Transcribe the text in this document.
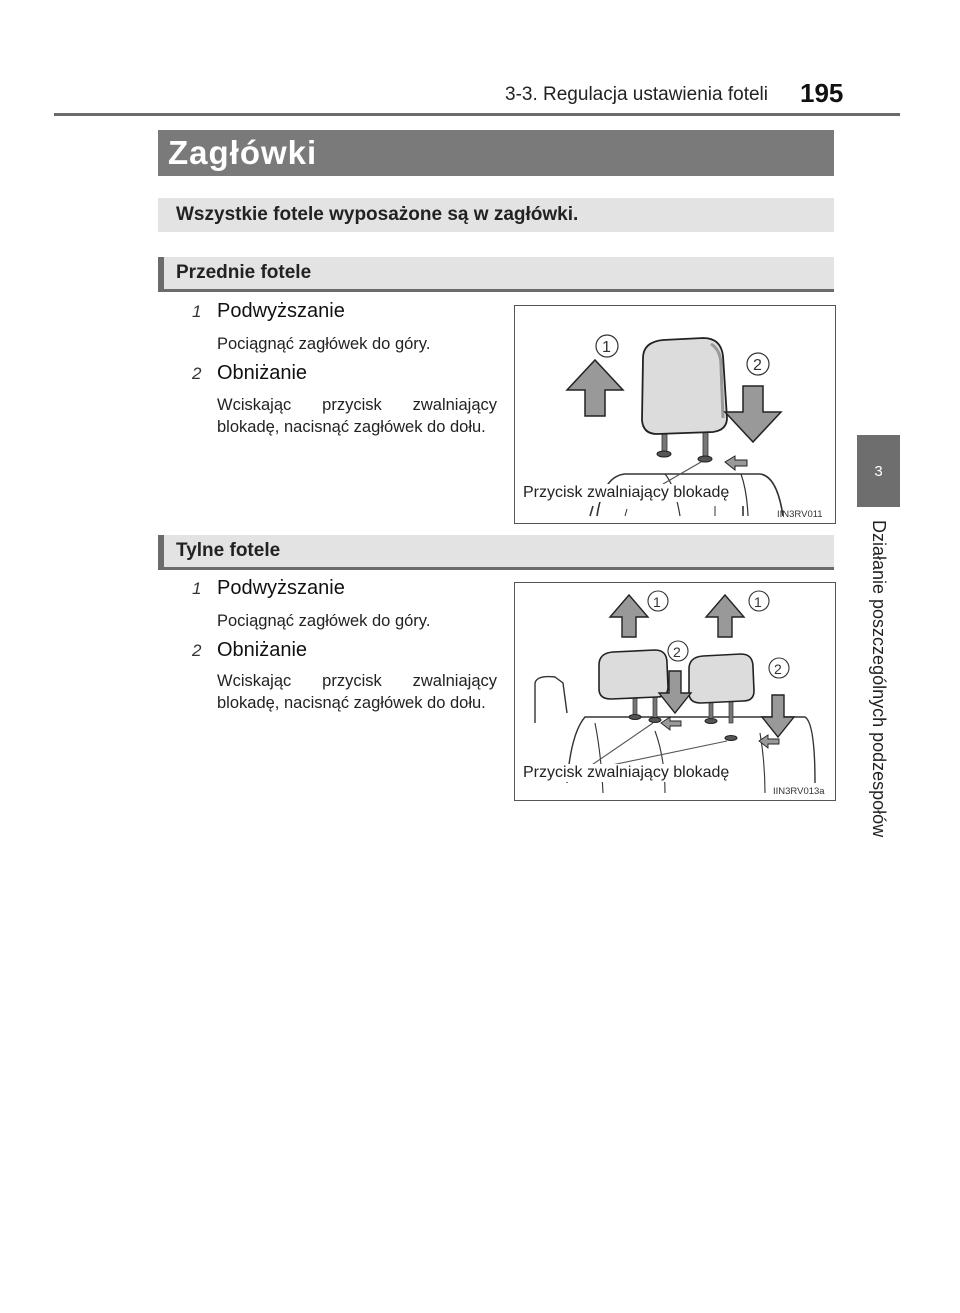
3-3. Regulacja ustawienia foteli 195
3
Działanie poszczególnych podzespołów
Zagłówki
Wszystkie fotele wyposażone są w zagłówki.
Przednie fotele
1 Podwyższanie
Pociągnąć zagłówek do góry.
2 Obniżanie
Wciskając przycisk zwalniający blokadę, nacisnąć zagłówek do dołu.
1
2
Przycisk zwalniający blokadę
IIN3RV011
Tylne fotele
1 Podwyższanie
Pociągnąć zagłówek do góry.
2 Obniżanie
Wciskając przycisk zwalniający blokadę, nacisnąć zagłówek do dołu.
1	1
2
2
Przycisk zwalniający blokadę
IIN3RV013a
